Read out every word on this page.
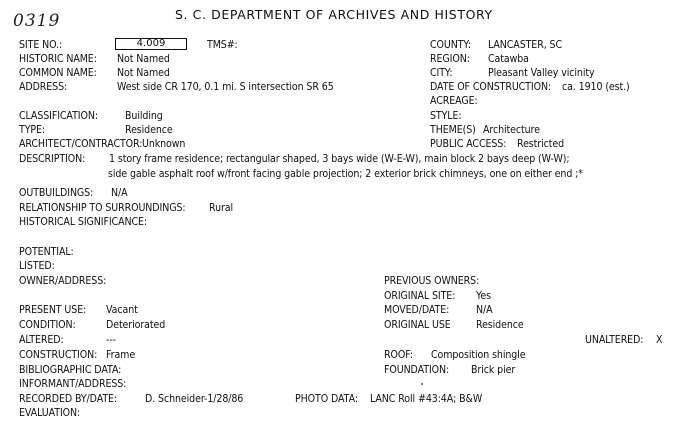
0319	S. C. DEPARTMENT OF ARCHIVES AND HISTORY
SITE NO.:	4.009	TMS#:	COUNTY: LANCASTER, SC
HISTORIC NAME: Not Named	REGION: Catawba
COMMON NAME: Not Named	CITY:	Pleasant Valley vicinity
ADDRESS:	West side CR 170, 0.1 mi. S intersection SR 65	DATE OF CONSTRUCTION: ca. 1910 (est.)
ACREAGE:
CLASSIFICATION:	Building	STYLE:
TYPE:	Residence	THEME(S) Architecture
ARCHITECT/CONTRACTOR: Unknown	PUBLIC ACCESS: Restricted
DESCRIPTION: 1 story frame residence; rectangular shaped, 3 bays wide (W-E-W), main block 2 bays deep (W-W);
side gable asphalt roof w/front facing gable projection; 2 exterior brick chimneys, one on either end ;*
OUTBUILDINGS: N/A
RELATIONSHIP TO SURROUNDINGS: Rural
HISTORICAL SIGNIFICANCE:
POTENTIAL:
LISTED:
OWNER/ADDRESS:	PREVIOUS OWNERS:
ORIGINAL SITE: Yes
PRESENT USE: Vacant	MOVED/DATE:	N/A
CONDITION:	Deteriorated	ORIGINAL USE Residence
ALTERED:	---	UNALTERED: X
CONSTRUCTION: Frame	ROOF: Composition shingle
BIBLIOGRAPHIC DATA:	FOUNDATION: Brick pier
INFORMANT/ADDRESS:
RECORDED BY/DATE:	D. Schneider-1/28/86	PHOTO DATA: LANC Roll #43:4A; B&W
EVALUATION:
